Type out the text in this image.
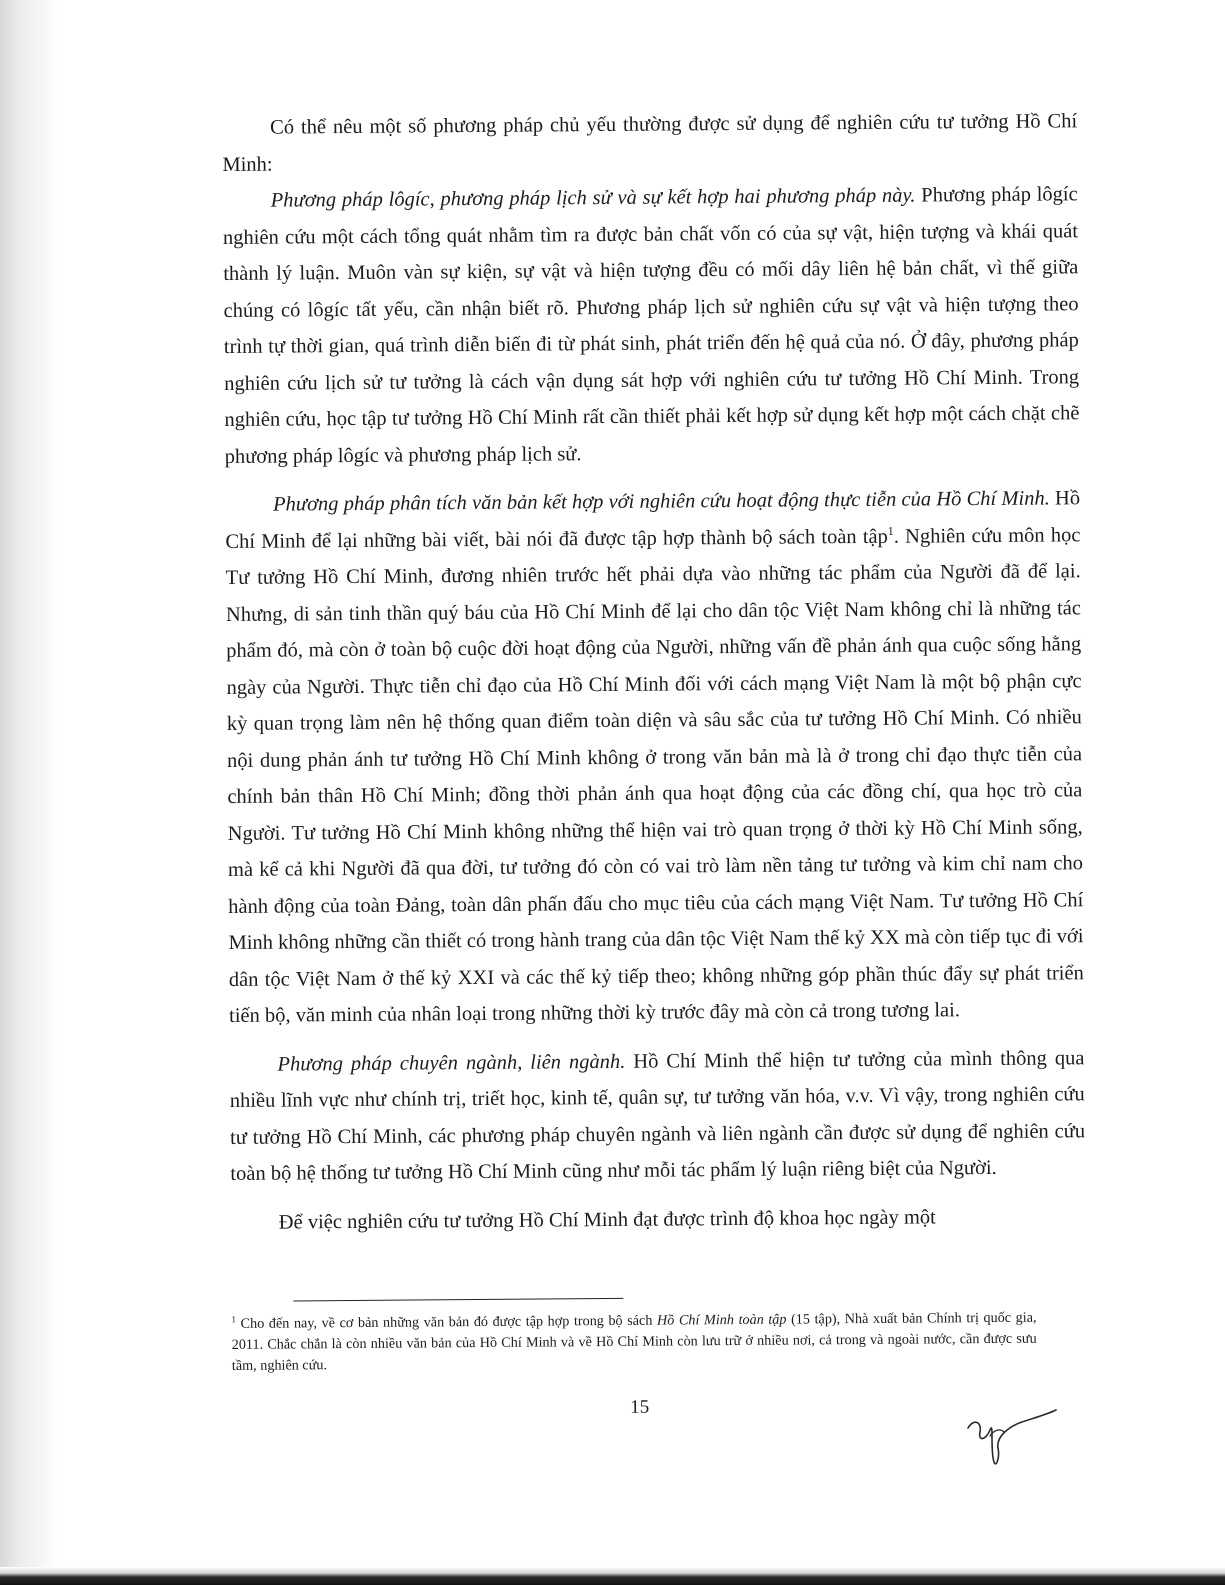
Có thể nêu một số phương pháp chủ yếu thường được sử dụng để nghiên cứu tư tưởng Hồ Chí Minh:

Phương pháp lôgíc, phương pháp lịch sử và sự kết hợp hai phương pháp này. Phương pháp lôgíc nghiên cứu một cách tổng quát nhằm tìm ra được bản chất vốn có của sự vật, hiện tượng và khái quát thành lý luận. Muôn vàn sự kiện, sự vật và hiện tượng đều có mối dây liên hệ bản chất, vì thế giữa chúng có lôgíc tất yếu, cần nhận biết rõ. Phương pháp lịch sử nghiên cứu sự vật và hiện tượng theo trình tự thời gian, quá trình diễn biến đi từ phát sinh, phát triển đến hệ quả của nó. Ở đây, phương pháp nghiên cứu lịch sử tư tưởng là cách vận dụng sát hợp với nghiên cứu tư tưởng Hồ Chí Minh. Trong nghiên cứu, học tập tư tưởng Hồ Chí Minh rất cần thiết phải kết hợp sử dụng kết hợp một cách chặt chẽ phương pháp lôgíc và phương pháp lịch sử.

Phương pháp phân tích văn bản kết hợp với nghiên cứu hoạt động thực tiễn của Hồ Chí Minh. Hồ Chí Minh để lại những bài viết, bài nói đã được tập hợp thành bộ sách toàn tập$^1$. Nghiên cứu môn học Tư tưởng Hồ Chí Minh, đương nhiên trước hết phải dựa vào những tác phẩm của Người đã để lại. Nhưng, di sản tinh thần quý báu của Hồ Chí Minh để lại cho dân tộc Việt Nam không chỉ là những tác phẩm đó, mà còn ở toàn bộ cuộc đời hoạt động của Người, những vấn đề phản ánh qua cuộc sống hằng ngày của Người. Thực tiễn chỉ đạo của Hồ Chí Minh đối với cách mạng Việt Nam là một bộ phận cực kỳ quan trọng làm nên hệ thống quan điểm toàn diện và sâu sắc của tư tưởng Hồ Chí Minh. Có nhiều nội dung phản ánh tư tưởng Hồ Chí Minh không ở trong văn bản mà là ở trong chỉ đạo thực tiễn của chính bản thân Hồ Chí Minh; đồng thời phản ánh qua hoạt động của các đồng chí, qua học trò của Người. Tư tưởng Hồ Chí Minh không những thể hiện vai trò quan trọng ở thời kỳ Hồ Chí Minh sống, mà kể cả khi Người đã qua đời, tư tưởng đó còn có vai trò làm nền tảng tư tưởng và kim chỉ nam cho hành động của toàn Đảng, toàn dân phấn đấu cho mục tiêu của cách mạng Việt Nam. Tư tưởng Hồ Chí Minh không những cần thiết có trong hành trang của dân tộc Việt Nam thế kỷ XX mà còn tiếp tục đi với dân tộc Việt Nam ở thế kỷ XXI và các thế kỷ tiếp theo; không những góp phần thúc đẩy sự phát triển tiến bộ, văn minh của nhân loại trong những thời kỳ trước đây mà còn cả trong tương lai.

Phương pháp chuyên ngành, liên ngành. Hồ Chí Minh thể hiện tư tưởng của mình thông qua nhiều lĩnh vực như chính trị, triết học, kinh tế, quân sự, tư tưởng văn hóa, v.v. Vì vậy, trong nghiên cứu tư tưởng Hồ Chí Minh, các phương pháp chuyên ngành và liên ngành cần được sử dụng để nghiên cứu toàn bộ hệ thống tư tưởng Hồ Chí Minh cũng như mỗi tác phẩm lý luận riêng biệt của Người.

Để việc nghiên cứu tư tưởng Hồ Chí Minh đạt được trình độ khoa học ngày một

$^1$ Cho đến nay, về cơ bản những văn bản đó được tập hợp trong bộ sách Hồ Chí Minh toàn tập (15 tập), Nhà xuất bản Chính trị quốc gia, 2011. Chắc chắn là còn nhiều văn bản của Hồ Chí Minh và về Hồ Chí Minh còn lưu trữ ở nhiều nơi, cả trong và ngoài nước, cần được sưu tầm, nghiên cứu.

15
